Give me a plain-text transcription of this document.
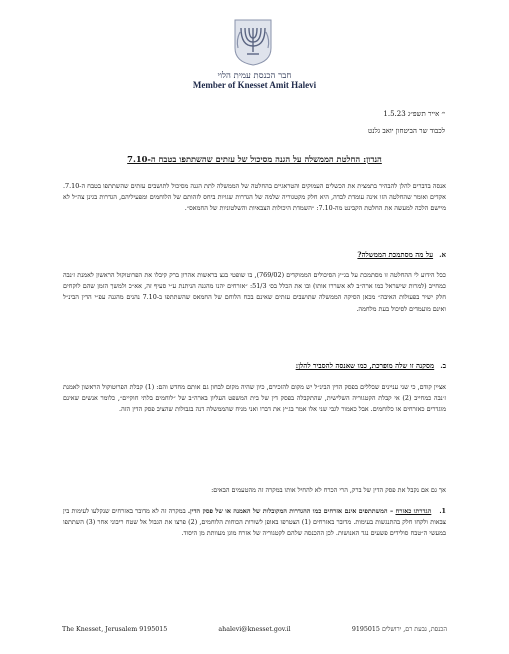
חבר הכנסת עמית הלוי
Member of Knesset Amit Halevi
י׳ אייר תשפ״ג 1.5.23
לכבוד שר הביטחון יואב גלנט
הנדון: החלטת הממשלה על הגנה מסיכול של עזתים שהשתתפו בטבח ה-7.10
אנסה בדברים להלן להבהיר בתמצית את הכשלים העמוקים והטראגיים בהחלטה של הממשלה לתת הגנה מסיכול לתושבים עזתים שהשתתפו בטבח ה-7.10. אקדים ואומר שהחלטה הזו אינה עומדת לבדה, היא חלק מקטגוריה שלמה של הגדרות שגויות ביחס לזהותם של הלוחמים ומפעיליהם, הגדרות בגינן צה״ל לא מיישם הלכה למעשה את החלטת הקבינט מה-7.10: ״השמדת היכולות הצבאיות והשלטוניות של החמאס״.
א.על מה מסתמכת הממשלה?
ככל הידוע לי ההחלטה זו מסתמכת על בג״ץ הסיכולים הממוקדים (769/02), בו שופטי בגצ בראשות אהרון ברק קיבלו את הפרוטוקול הראשון לאמנת ז׳נבה כמחייב (למרות שישראל כמו ארה״ב לא אשררו אותו) ובו את הכלל בס׳ 51/3: ״אזרחים יהנו מהגנה הניתנת ע״י סעיף זה, אא״כ ולמשך הזמן שהם לוקחים חלק ישיר בפעולות האיבה״ מכאן הסיקה הממשלה שתושבים עזתים שאינם בכח הלוחם של החמאס שהשתתפו ב-7.10 נהנים מהגנה עפ״י הדין הבינ״ל ואינם מועמדים לסיכול בעת מלחמה.
ב.מסקנה זו שלה מופרכת, כמו שאנסה להסביר להלן:
אציין קודם, כי שני עניינים שכללים בפסק הדין הבינ״ל יש מקום להזכירם, כיון שהיה מקום לבחון גם אותם מחדש והם: (1) קבלת הפרוטוקול הראשון לאמנת ז׳נבה כמחייב (2) אי קבלת הקטגוריה השלישית, שהתקבלה בפסק דין של בית המשפט העליון בארה״ב של ״לוחמים בלתי חוקיים״, כלומר אנשים שאינם מוגדרים כאזרחים או כלוחמים. אבל כאמור לגבי שני אלו אמר בג״ץ את דברו ואני מניח שהממשלה דנה בגבולות שהציב פסק הדין הזה.
אך גם אם נקבל את פסק הדין של ברק, הרי הכרח לא להחיל אותו במקרה זה מהטעמים הבאים:
1.הגדרתו כאזרח – המשתתפים אינם אזרחים כמו ההגדרות המקובלות של האמנה או של פסק הדין. במקרה זה לא מדובר באזרחים שנקלעו לעימות בין צבאות ולקחו חלק בהתנגשות בעימות. מדובר באזרחים (1) הצטרפו באופן לשורות הכוחות הלוחמים, (2) פרצו את הגבול אל שטח ריבוני אחר (3) השתתפו במעשי ה״טבח סולידים פשעים נגד האנושות. לכן ההכנסה שלהם לקטגוריה של אזרח מוגן מעוותת מן היסוד.
The Knesset, Jerusalem 9195015	ahalevi@knesset.gov.il	הכנסת, גבעת רם, ירושלים 9195015
